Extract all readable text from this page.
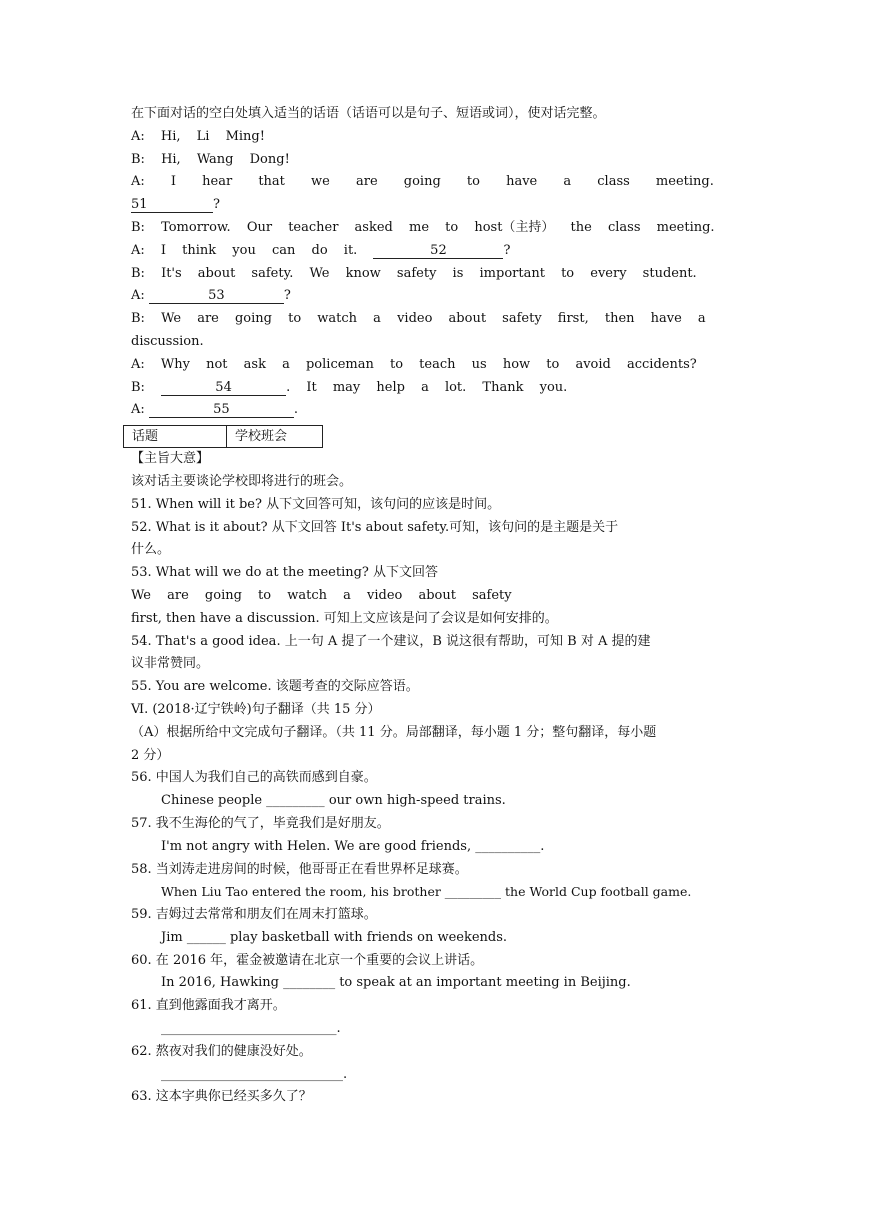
在下面对话的空白处填入适当的话语（话语可以是句子、短语或词），使对话完整。
A: Hi, Li Ming!
B: Hi, Wang Dong!
A: I hear that we are going to have a class meeting.
51	?
B: Tomorrow. Our teacher asked me to host（主持） the class meeting.
A: I think you can do it.	52	?
B: It's about safety. We know safety is important to every student.
A:	53	?
B: We are going to watch a video about safety first, then have a
discussion.
A: Why not ask a policeman to teach us how to avoid accidents?
B:	54	. It may help a lot. Thank you.
A:	55	.
话题	学校班会
【主旨大意】
该对话主要谈论学校即将进行的班会。
51. When will it be? 从下文回答可知，该句问的应该是时间。
52. What is it about? 从下文回答 It's about safety.可知，该句问的是主题是关于
什么。
53. What will we do at the meeting? 从下文回答
We are going to watch a video about safety
first, then have a discussion. 可知上文应该是问了会议是如何安排的。
54. That's a good idea. 上一句 A 提了一个建议，B 说这很有帮助，可知 B 对 A 提的建
议非常赞同。
55. You are welcome. 该题考查的交际应答语。
Ⅵ. (2018·辽宁铁岭)句子翻译（共 15 分）
（A）根据所给中文完成句子翻译。（共 11 分。局部翻译，每小题 1 分；整句翻译，每小题
2 分）
56. 中国人为我们自己的高铁而感到自豪。
Chinese people _________ our own high-speed trains.
57. 我不生海伦的气了，毕竟我们是好朋友。
I'm not angry with Helen. We are good friends, __________.
58. 当刘涛走进房间的时候，他哥哥正在看世界杯足球赛。
When Liu Tao entered the room, his brother _________ the World Cup football game.
59. 吉姆过去常常和朋友们在周末打篮球。
Jim ______ play basketball with friends on weekends.
60. 在 2016 年，霍金被邀请在北京一个重要的会议上讲话。
In 2016, Hawking ________ to speak at an important meeting in Beijing.
61. 直到他露面我才离开。
___________________________.
62. 熬夜对我们的健康没好处。
____________________________.
63. 这本字典你已经买多久了？
